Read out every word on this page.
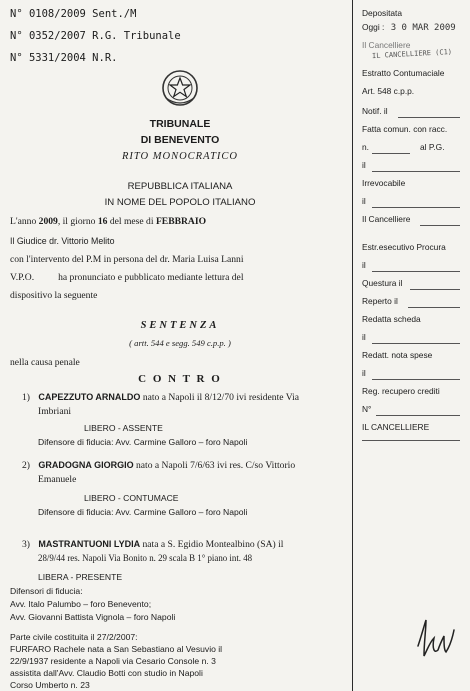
N° 0108/2009 Sent./M
N° 0352/2007 R.G. Tribunale
N° 5331/2004 N.R.
TRIBUNALE
DI BENEVENTO
RITO MONOCRATICO
REPUBBLICA ITALIANA
IN NOME DEL POPOLO ITALIANO
L'anno 2009, il giorno 16 del mese di FEBBRAIO
Il Giudice dr. Vittorio Melito
con l'intervento del P.M in persona del dr. Maria Luisa Lanni
V.P.O.          ha pronunciato e pubblicato mediante lettura del
dispositivo la seguente
SENTENZA
( artt. 544 e segg. 549 c.p.p. )
nella causa penale
C O N T R O
1) CAPEZZUTO ARNALDO nato a Napoli il 8/12/70 ivi residente Via
Imbriani
LIBERO - ASSENTE
Difensore di fiducia: Avv. Carmine Galloro – foro Napoli
2) GRADOGNA GIORGIO nato a Napoli 7/6/63 ivi res. C/so Vittorio
Emanuele
LIBERO - CONTUMACE
Difensore di fiducia: Avv. Carmine Galloro – foro Napoli
3) MASTRANTUONI LYDIA nata a S. Egidio Montealbino (SA) il
28/9/44 res. Napoli Via Bonito n. 29 scala B 1° piano int. 48
LIBERA - PRESENTE
Difensori di fiducia:
Avv. Italo Palumbo – foro Benevento;
Avv. Giovanni Battista Vignola – foro Napoli
Parte civile costituita il 27/2/2007:
FURFARO Rachele nata a San Sebastiano al Vesuvio il
22/9/1937 residente a Napoli via Cesario Console n. 3
assistita dall'Avv. Claudio Botti con studio in Napoli
Corso Umberto n. 23
Depositata
Oggi : 3 0 MAR 2009
Il Cancelliere
IL CANCELLIERE (C1)
Estratto Contumaciale
Art. 548 c.p.p.
Notif. il
Fatta comun. con racc.
n.	al P.G.
il
Irrevocabile
il
Il Cancelliere
Estr.esecutivo Procura
il
Questura il
Reperto il
Redatta scheda
il
Redatt. nota spese
il
Reg. recupero crediti
N°
IL CANCELLIERE
